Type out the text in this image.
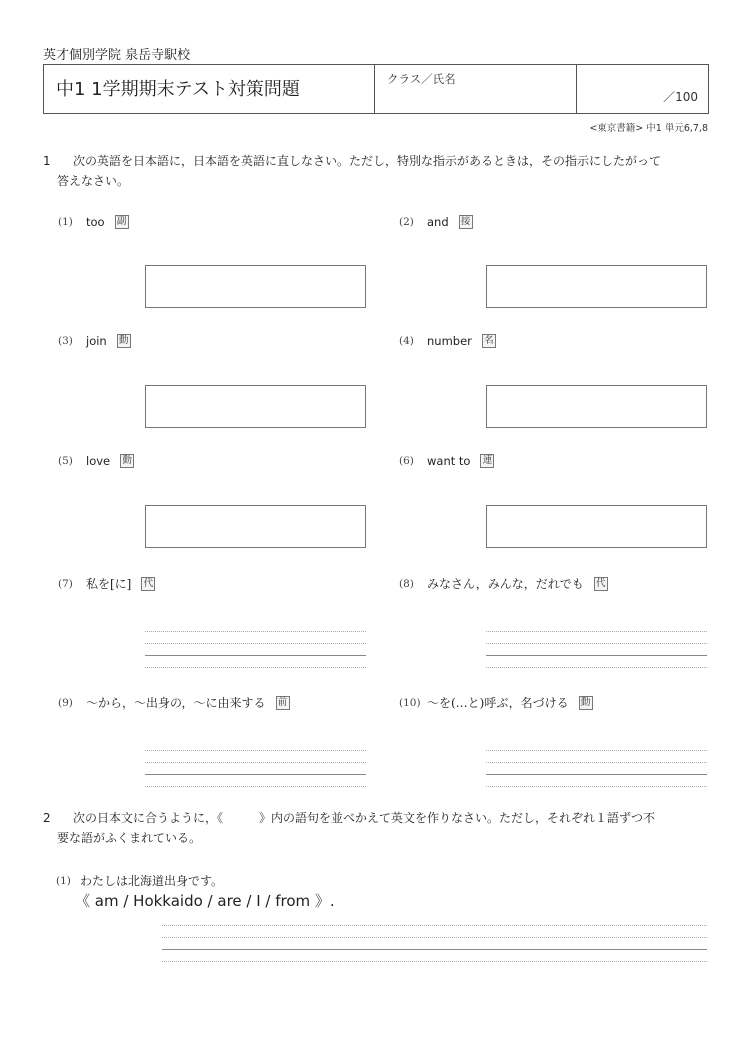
英才個別学院 泉岳寺駅校
中1 1学期期末テスト対策問題	クラス／氏名
／100
<東京書籍> 中1 単元6,7,8
1 次の英語を日本語に，日本語を英語に直しなさい。ただし，特別な指示があるときは，その指示にしたがって
答えなさい。
(1)	too 副	(2)	and 接
(3)	join 動	(4)	number 名
(5)	love 動	(6)	want to 連
(7)	私を[に] 代	(8)	みなさん，みんな，だれでも 代
(9)	～から，～出身の，～に由来する 前	(10) ～を(…と)呼ぶ，名づける 動
2 次の日本文に合うように，《　　　》内の語句を並べかえて英文を作りなさい。ただし，それぞれ１語ずつ不
要な語がふくまれている。
(1) わたしは北海道出身です。
《 am / Hokkaido / are / I / from 》.
